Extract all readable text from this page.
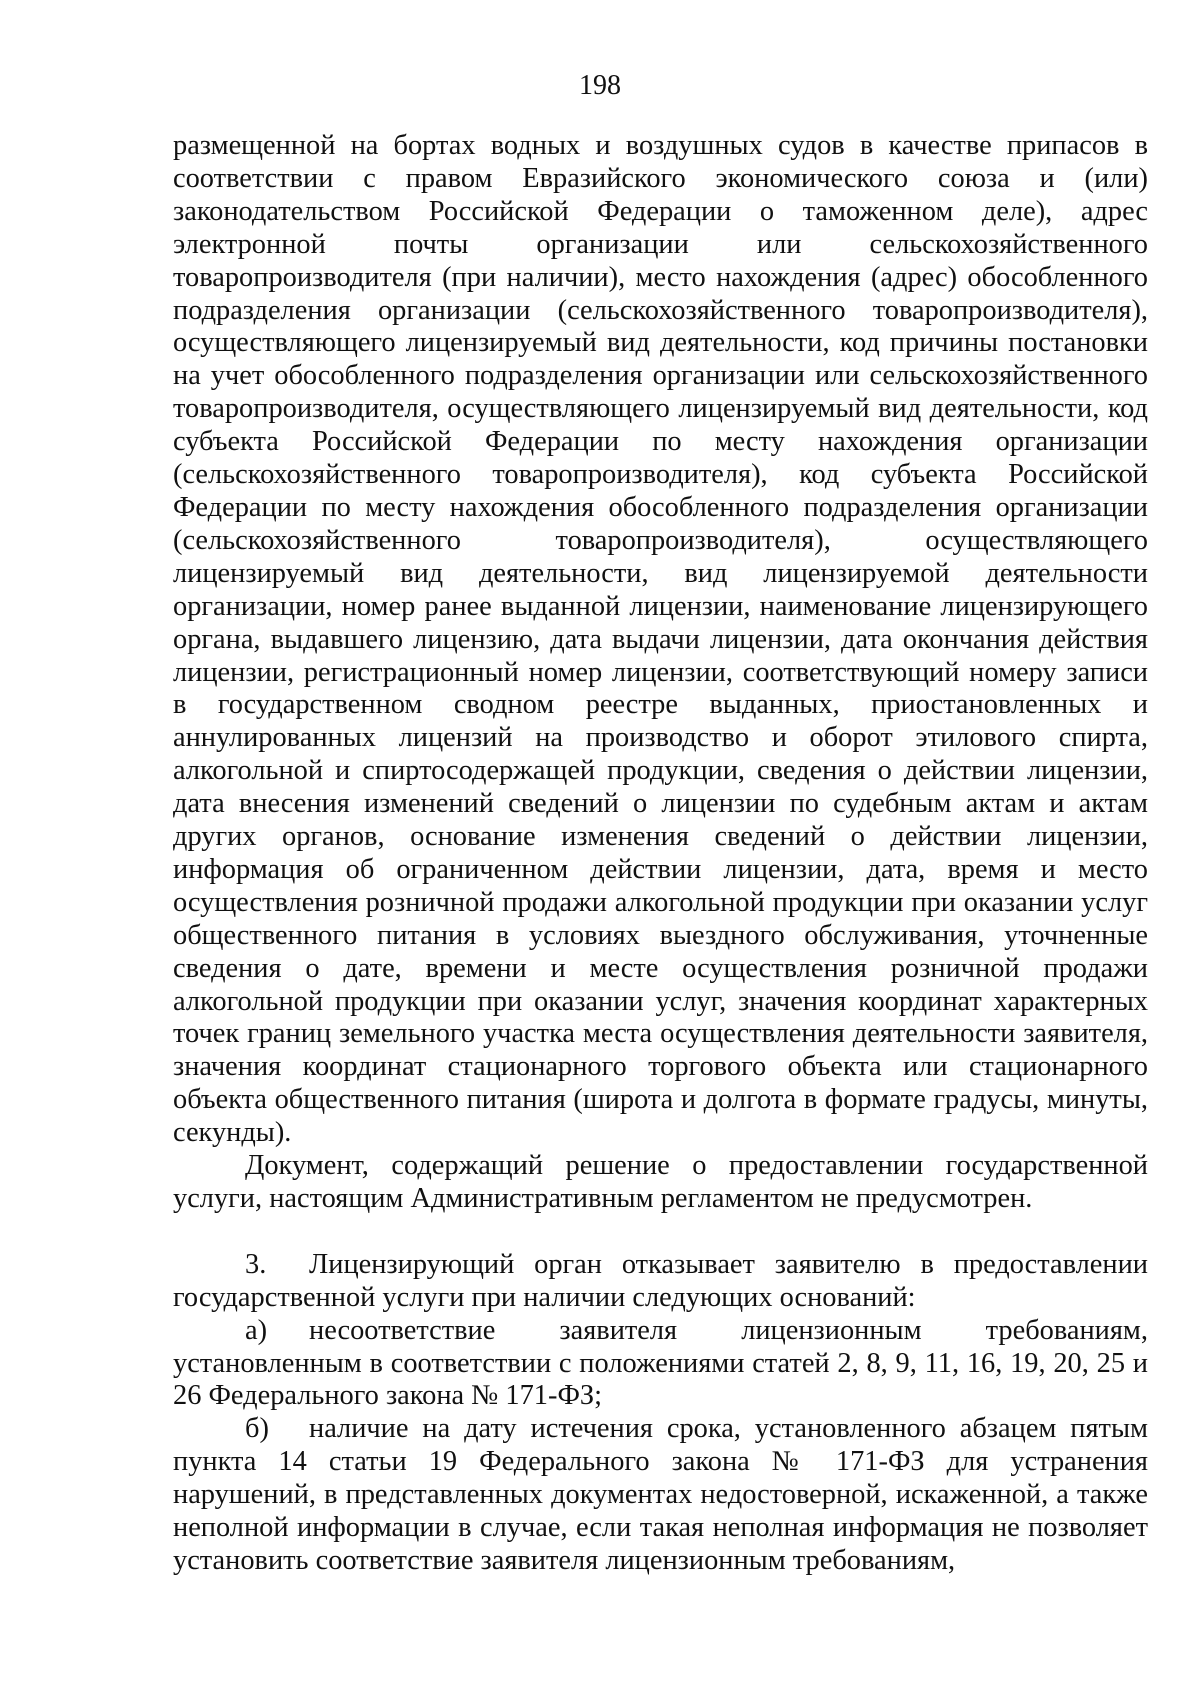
198

размещенной на бортах водных и воздушных судов в качестве припасов в соответствии с правом Евразийского экономического союза и (или) законодательством Российской Федерации о таможенном деле), адрес электронной почты организации или сельскохозяйственного товаропроизводителя (при наличии), место нахождения (адрес) обособленного подразделения организации (сельскохозяйственного товаропроизводителя), осуществляющего лицензируемый вид деятельности, код причины постановки на учет обособленного подразделения организации или сельскохозяйственного товаропроизводителя, осуществляющего лицензируемый вид деятельности, код субъекта Российской Федерации по месту нахождения организации (сельскохозяйственного товаропроизводителя), код субъекта Российской Федерации по месту нахождения обособленного подразделения организации (сельскохозяйственного товаропроизводителя), осуществляющего лицензируемый вид деятельности, вид лицензируемой деятельности организации, номер ранее выданной лицензии, наименование лицензирующего органа, выдавшего лицензию, дата выдачи лицензии, дата окончания действия лицензии, регистрационный номер лицензии, соответствующий номеру записи в государственном сводном реестре выданных, приостановленных и аннулированных лицензий на производство и оборот этилового спирта, алкогольной и спиртосодержащей продукции, сведения о действии лицензии, дата внесения изменений сведений о лицензии по судебным актам и актам других органов, основание изменения сведений о действии лицензии, информация об ограниченном действии лицензии, дата, время и место осуществления розничной продажи алкогольной продукции при оказании услуг общественного питания в условиях выездного обслуживания, уточненные сведения о дате, времени и месте осуществления розничной продажи алкогольной продукции при оказании услуг, значения координат характерных точек границ земельного участка места осуществления деятельности заявителя, значения координат стационарного торгового объекта или стационарного объекта общественного питания (широта и долгота в формате градусы, минуты, секунды).

Документ, содержащий решение о предоставлении государственной услуги, настоящим Административным регламентом не предусмотрен.

3. Лицензирующий орган отказывает заявителю в предоставлении государственной услуги при наличии следующих оснований:

а) несоответствие заявителя лицензионным требованиям, установленным в соответствии с положениями статей 2, 8, 9, 11, 16, 19, 20, 25 и 26 Федерального закона № 171-ФЗ;

б) наличие на дату истечения срока, установленного абзацем пятым пункта 14 статьи 19 Федерального закона № 171-ФЗ для устранения нарушений, в представленных документах недостоверной, искаженной, а также неполной информации в случае, если такая неполная информация не позволяет установить соответствие заявителя лицензионным требованиям,
